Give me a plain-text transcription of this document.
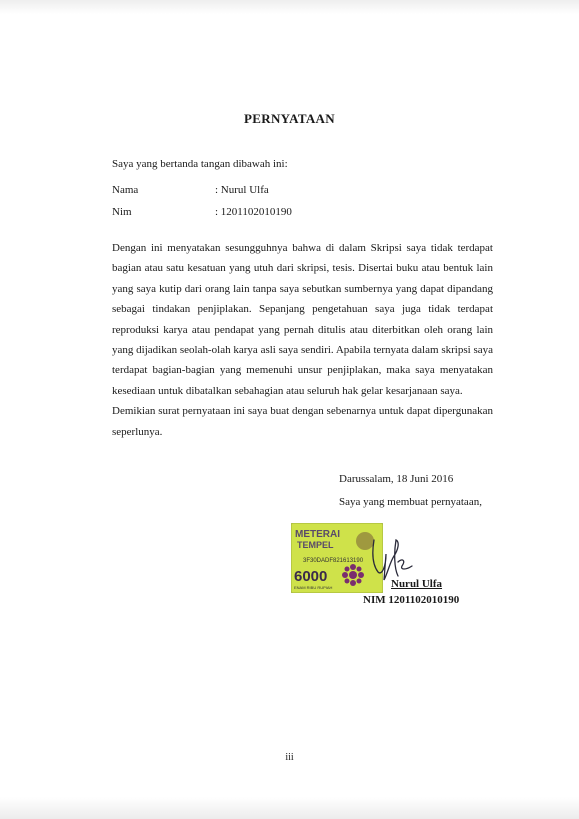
PERNYATAAN
Saya yang bertanda tangan dibawah ini:
Nama	: Nurul Ulfa
Nim	: 1201102010190

Dengan ini menyatakan sesungguhnya bahwa di dalam Skripsi saya tidak terdapat bagian atau satu kesatuan yang utuh dari skripsi, tesis. Disertai buku atau bentuk lain yang saya kutip dari orang lain tanpa saya sebutkan sumbernya yang dapat dipandang sebagai tindakan penjiplakan. Sepanjang pengetahuan saya juga tidak terdapat reproduksi karya atau pendapat yang pernah ditulis atau diterbitkan oleh orang lain yang dijadikan seolah-olah karya asli saya sendiri. Apabila ternyata dalam skripsi saya terdapat bagian-bagian yang memenuhi unsur penjiplakan, maka saya menyatakan kesediaan untuk dibatalkan sebahagian atau seluruh hak gelar kesarjanaan saya.

Demikian surat pernyataan ini saya buat dengan sebenarnya untuk dapat dipergunakan seperlunya.

Darussalam, 18 Juni 2016
Saya yang membuat pernyataan,
METERAI
TEMPEL
3F30DADF821613190
6000
ENAM RIBU RUPIAH	Nurul Ulfa
NIM 1201102010190
iii
